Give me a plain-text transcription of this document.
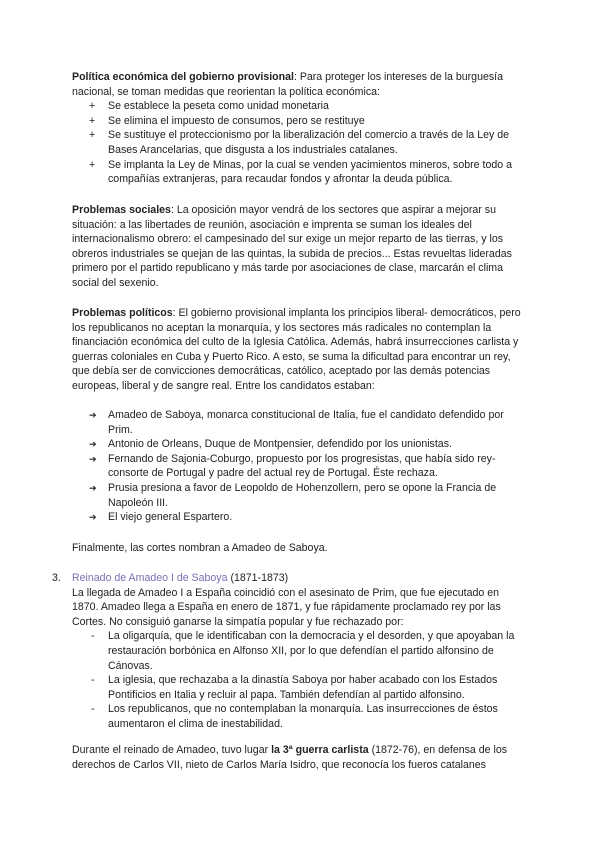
Política económica del gobierno provisional: Para proteger los intereses de la burguesía nacional, se toman medidas que reorientan la política económica:

+ Se establece la peseta como unidad monetaria
+ Se elimina el impuesto de consumos, pero se restituye
+ Se sustituye el proteccionismo por la liberalización del comercio a través de la Ley de Bases Arancelarias, que disgusta a los industriales catalanes.
+ Se implanta la Ley de Minas, por la cual se venden yacimientos mineros, sobre todo a compañías extranjeras, para recaudar fondos y afrontar la deuda pública.

Problemas sociales: La oposición mayor vendrá de los sectores que aspirar a mejorar su situación: a las libertades de reunión, asociación e imprenta se suman los ideales del internacionalismo obrero: el campesinado del sur exige un mejor reparto de las tierras, y los obreros industriales se quejan de las quintas, la subida de precios... Estas revueltas lideradas primero por el partido republicano y más tarde por asociaciones de clase, marcarán el clima social del sexenio.

Problemas políticos: El gobierno provisional implanta los principios liberal- democráticos, pero los republicanos no aceptan la monarquía, y los sectores más radicales no contemplan la financiación económica del culto de la Iglesia Católica. Además, habrá insurrecciones carlista y guerras coloniales en Cuba y Puerto Rico. A esto, se suma la dificultad para encontrar un rey, que debía ser de convicciones democráticas, católico, aceptado por las demás potencias europeas, liberal y de sangre real. Entre los candidatos estaban:

➔ Amadeo de Saboya, monarca constitucional de Italia, fue el candidato defendido por Prim.
➔ Antonio de Orleans, Duque de Montpensier, defendido por los unionistas.
➔ Fernando de Sajonia-Coburgo, propuesto por los progresistas, que había sido rey-consorte de Portugal y padre del actual rey de Portugal. Éste rechaza.
➔ Prusia presiona a favor de Leopoldo de Hohenzollern, pero se opone la Francia de Napoleón III.
➔ El viejo general Espartero.

Finalmente, las cortes nombran a Amadeo de Saboya.

3. Reinado de Amadeo I de Saboya (1871-1873)

La llegada de Amadeo I a España coincidió con el asesinato de Prim, que fue ejecutado en 1870. Amadeo llega a España en enero de 1871, y fue rápidamente proclamado rey por las Cortes. No consiguió ganarse la simpatía popular y fue rechazado por:

- La oligarquía, que le identificaban con la democracia y el desorden, y que apoyaban la restauración borbónica en Alfonso XII, por lo que defendían el partido alfonsino de Cánovas.
- La iglesia, que rechazaba a la dinastía Saboya por haber acabado con los Estados Pontificios en Italia y recluir al papa. También defendían al partido alfonsino.
- Los republicanos, que no contemplaban la monarquía. Las insurrecciones de éstos aumentaron el clima de inestabilidad.

Durante el reinado de Amadeo, tuvo lugar la 3ª guerra carlista (1872-76), en defensa de los derechos de Carlos VII, nieto de Carlos María Isidro, que reconocía los fueros catalanes
